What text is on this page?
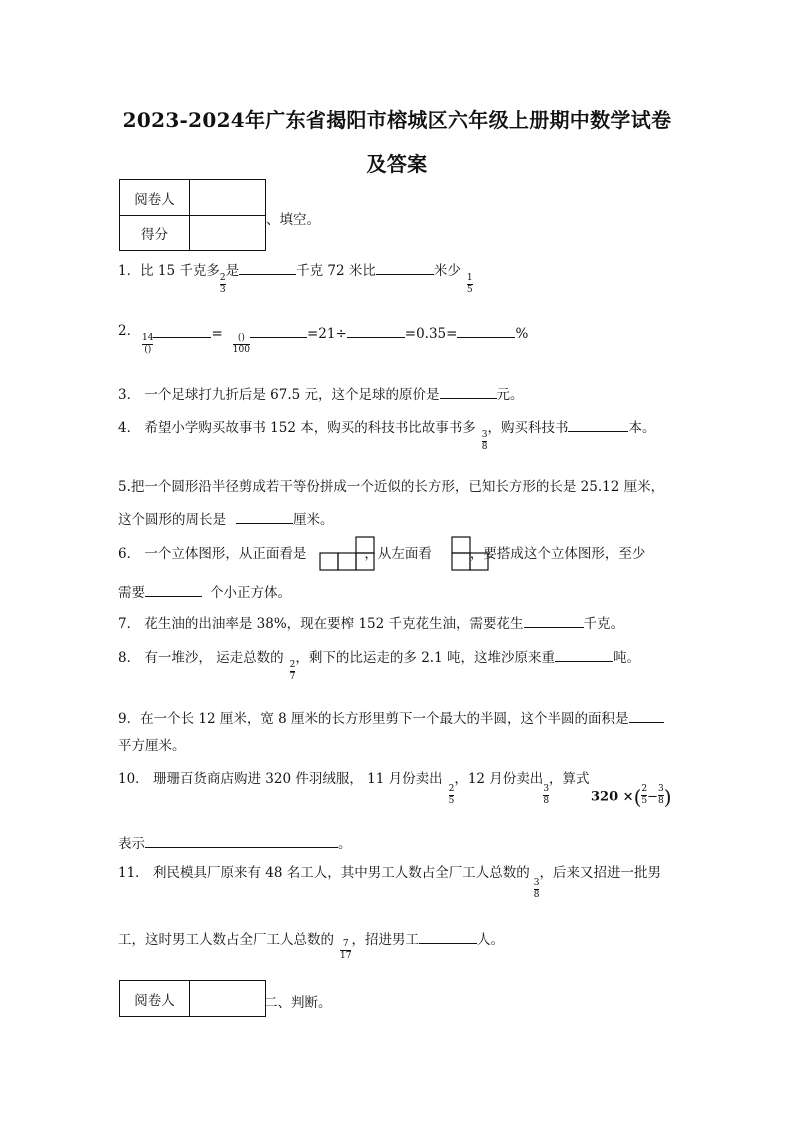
2023-2024年广东省揭阳市榕城区六年级上册期中数学试卷
及答案
阅卷人	
得分	
、填空。
1．比 15 千克多
$\frac{2}{3}$
是	千克 72 米比	米少
$\frac{1}{5}$
2．

$\frac{14}{()}$	= $\frac{()}{100}$	=21÷	=0.35=	%
3． 一个足球打九折后是 67.5 元，这个足球的原价是	元。
4． 希望小学购买故事书 152 本，购买的科技书比故事书多
$\frac{3}{8}$
，购买科技书	本。
5.把一个圆形沿半径剪成若干等份拼成一个近似的长方形，已知长方形的长是 25.12 厘米，
这个圆形的周长是	厘米。
6． 一个立体图形，从正面看是	，从左面看	，要搭成这个立体图形，至少
需要	个小正方体。
7． 花生油的出油率是 38%，现在要榨 152 千克花生油，需要花生	千克。
8． 有一堆沙， 运走总数的
$\frac{2}{7}$
，剩下的比运走的多 2.1 吨，这堆沙原来重	吨。
9．在一个长 12 厘米，宽 8 厘米的长方形里剪下一个最大的半圆，这个半圆的面积是
平方厘米。
10． 珊珊百货商店购进 320 件羽绒服， 11 月份卖出
$\frac{2}{5}$
，12 月份卖出
$\frac{3}{8}$
，算式
320 ×( $\frac{2}{5} - \frac{3}{8}$ )
表示	。
11． 利民模具厂原来有 48 名工人，其中男工人数占全厂工人总数的
$\frac{3}{8}$
，后来又招进一批男
工，这时男工人数占全厂工人总数的 $\frac{7}{17}$ ，招进男工	人。
阅卷人		二、判断。
